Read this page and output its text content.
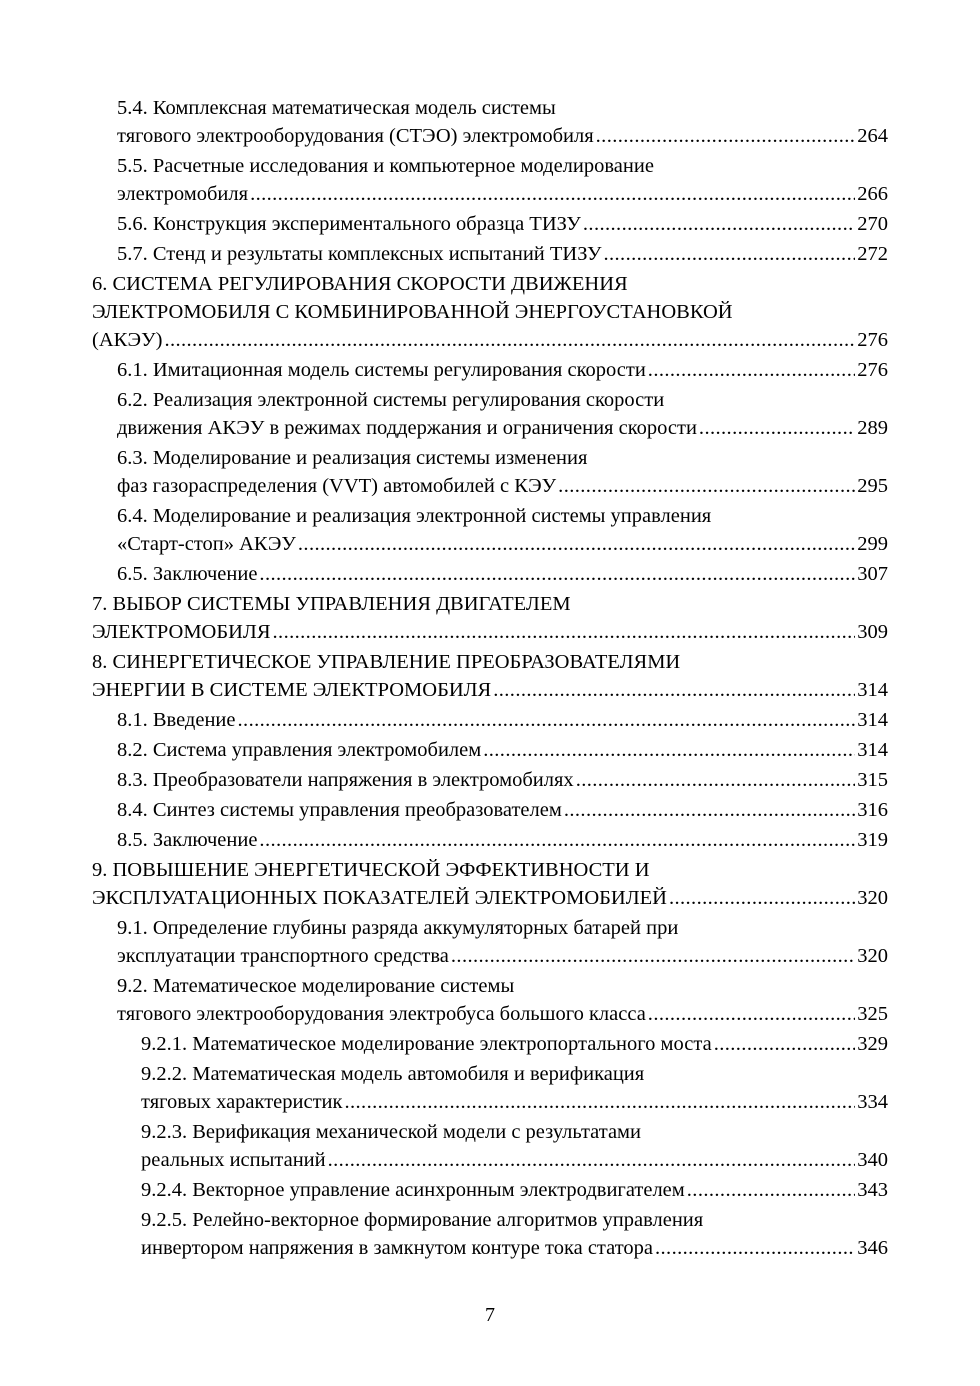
5.4. Комплексная математическая модель системы
тягового электрооборудования (СТЭО) электромобиля .....	264
5.5. Расчетные исследования и компьютерное моделирование
электромобиля .....	266
5.6. Конструкция экспериментального образца ТИЗУ .....	270
5.7. Стенд и результаты комплексных испытаний ТИЗУ .....	272
6. СИСТЕМА РЕГУЛИРОВАНИЯ СКОРОСТИ ДВИЖЕНИЯ
ЭЛЕКТРОМОБИЛЯ С КОМБИНИРОВАННОЙ ЭНЕРГОУСТАНОВКОЙ
(АКЭУ) .....	276
6.1. Имитационная модель системы регулирования скорости .....	276
6.2. Реализация электронной системы регулирования скорости
движения АКЭУ в режимах поддержания и ограничения скорости .....	289
6.3. Моделирование и реализация системы изменения
фаз газораспределения (VVT) автомобилей с КЭУ .....	295
6.4. Моделирование и реализация электронной системы управления
«Старт-стоп» АКЭУ .....	299
6.5. Заключение .....	307
7. ВЫБОР СИСТЕМЫ УПРАВЛЕНИЯ ДВИГАТЕЛЕМ
ЭЛЕКТРОМОБИЛЯ .....	309
8. СИНЕРГЕТИЧЕСКОЕ УПРАВЛЕНИЕ ПРЕОБРАЗОВАТЕЛЯМИ
ЭНЕРГИИ В СИСТЕМЕ ЭЛЕКТРОМОБИЛЯ .....	314
8.1. Введение .....	314
8.2. Система управления электромобилем .....	314
8.3. Преобразователи напряжения в электромобилях .....	315
8.4. Синтез системы управления преобразователем .....	316
8.5. Заключение .....	319
9. ПОВЫШЕНИЕ ЭНЕРГЕТИЧЕСКОЙ ЭФФЕКТИВНОСТИ И
ЭКСПЛУАТАЦИОННЫХ ПОКАЗАТЕЛЕЙ ЭЛЕКТРОМОБИЛЕЙ .....	320
9.1. Определение глубины разряда аккумуляторных батарей при
эксплуатации транспортного средства .....	320
9.2. Математическое моделирование системы
тягового электрооборудования электробуса большого класса .....	325
9.2.1. Математическое моделирование электропортального моста .....	329
9.2.2. Математическая модель автомобиля и верификация
тяговых характеристик .....	334
9.2.3. Верификация механической модели с результатами
реальных испытаний .....	340
9.2.4. Векторное управление асинхронным электродвигателем .....	343
9.2.5. Релейно-векторное формирование алгоритмов управления
инвертором напряжения в замкнутом контуре тока статора .....	346
7
